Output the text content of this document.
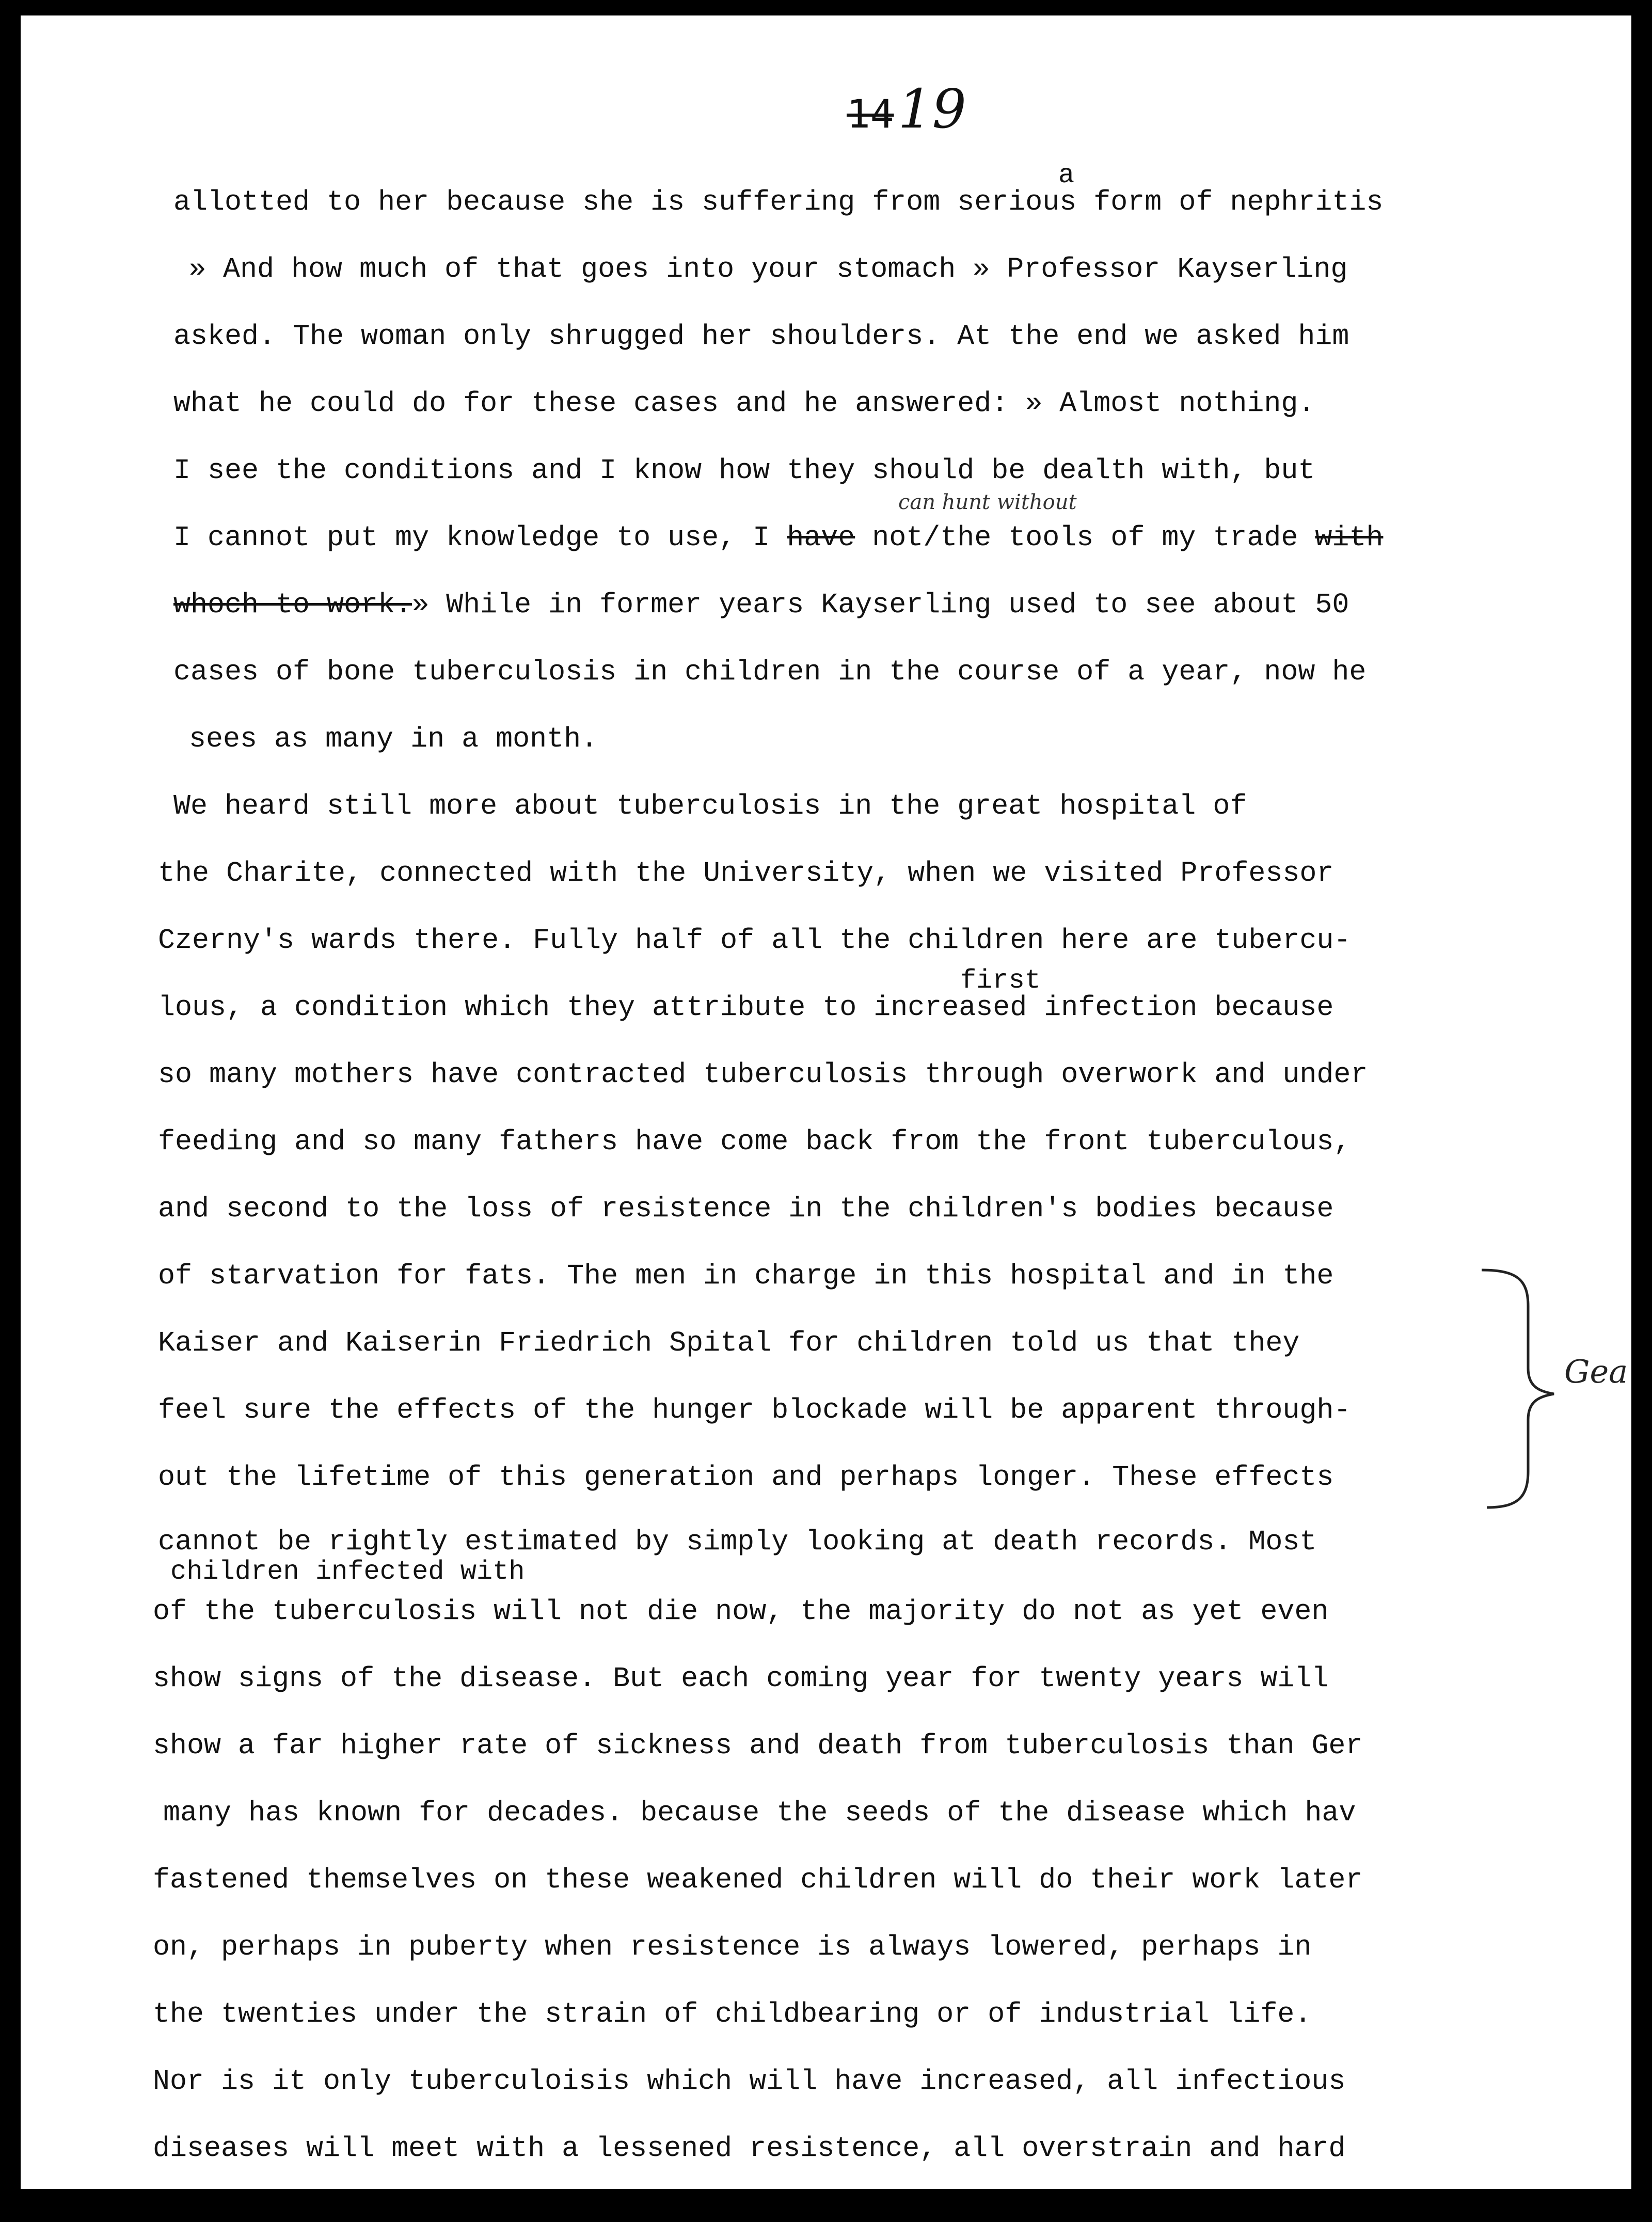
1419
a
can hunt without
first
children infected with
allotted to her because she is suffering from serious form of nephritis
» And how much of that goes into your stomach » Professor Kayserling
asked. The woman only shrugged her shoulders. At the end we asked him
what he could do for these cases and he answered: » Almost nothing.
I see the conditions and I know how they should be dealth with, but
I cannot put my knowledge to use, I have not/the tools of my trade with
whoch to work.» While in former years Kayserling used to see about 50
cases of bone tuberculosis in children in the course of a year, now he
sees as many in a month.
We heard still more about tuberculosis in the great hospital of
the Charite, connected with the University, when we visited Professor
Czerny's wards there. Fully half of all the children here are tubercu-
lous, a condition which they attribute to increased infection because
so many mothers have contracted tuberculosis through overwork and under
feeding and so many fathers have come back from the front tuberculous,
and second to the loss of resistence in the children's bodies because
of starvation for fats. The men in charge in this hospital and in the
Kaiser and Kaiserin Friedrich Spital for children told us that they
feel sure the effects of the hunger blockade will be apparent through-
out the lifetime of this generation and perhaps longer. These effects
cannot be rightly estimated by simply looking at death records. Most
of the tuberculosis will not die now, the majority do not as yet even
show signs of the disease. But each coming year for twenty years will
show a far higher rate of sickness and death from tuberculosis than Ger
many has known for decades. because the seeds of the disease which hav
fastened themselves on these weakened children will do their work later
on, perhaps in puberty when resistence is always lowered, perhaps in
the twenties under the strain of childbearing or of industrial life.
Nor is it only tuberculoisis which will have increased, all infectious
diseases will meet with a lessened resistence, all overstrain and hard
Gea
